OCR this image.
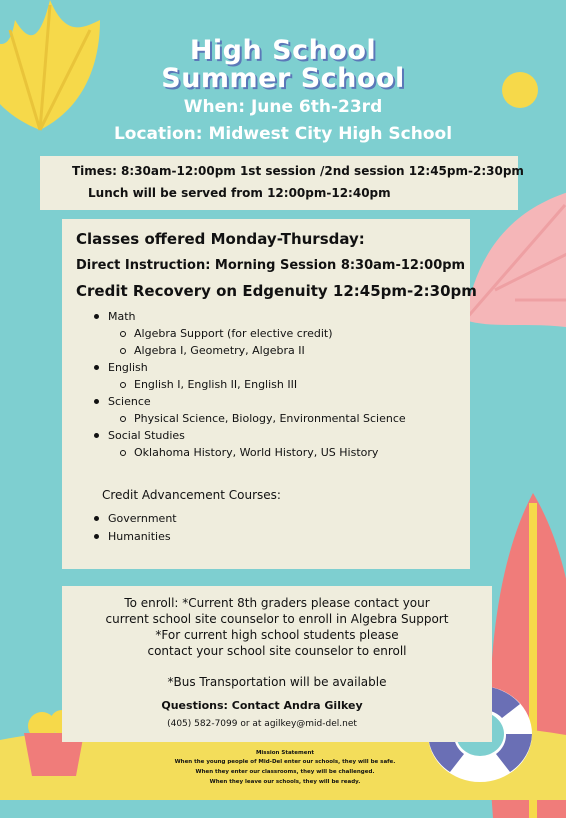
High School
Summer School
When: June 6th-23rd
Location: Midwest City High School
Times: 8:30am-12:00pm 1st session /2nd session 12:45pm-2:30pm
Lunch will be served from 12:00pm-12:40pm
Classes offered Monday-Thursday:
Direct Instruction: Morning Session 8:30am-12:00pm
Credit Recovery on Edgenuity 12:45pm-2:30pm
Math
Algebra Support (for elective credit)
Algebra I, Geometry, Algebra II
English
English I, English II, English III
Science
Physical Science, Biology, Environmental Science
Social Studies
Oklahoma History, World History, US History
Credit Advancement Courses:
Government
Humanities
To enroll: *Current 8th graders please contact your
current school site counselor to enroll in Algebra Support
*For current high school students please
contact your school site counselor to enroll
*Bus Transportation will be available
Questions: Contact Andra Gilkey
(405) 582-7099 or at agilkey@mid-del.net
Mission Statement
When the young people of Mid-Del enter our schools, they will be safe.
When they enter our classrooms, they will be challenged.
When they leave our schools, they will be ready.
